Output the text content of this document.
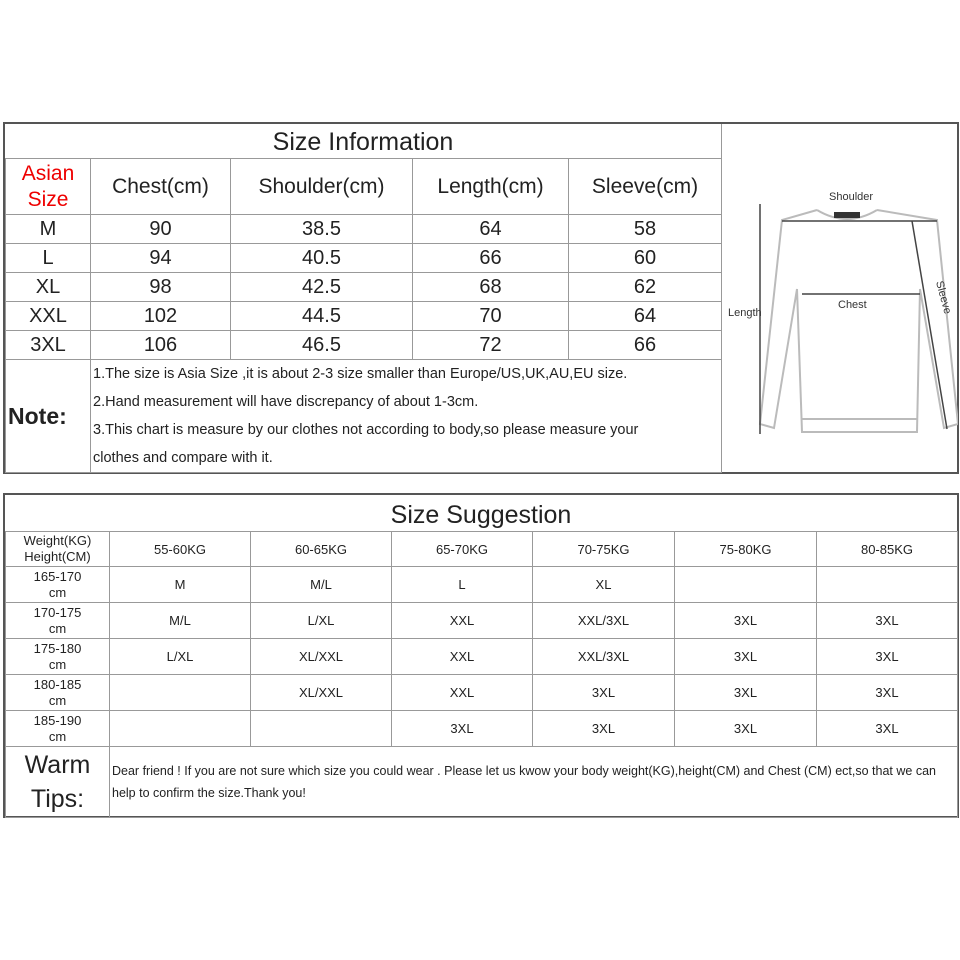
Size Information
Asian
Size	Chest(cm)	Shoulder(cm)	Length(cm)	Sleeve(cm)
M	90	38.5	64	58
L	94	40.5	66	60
XL	98	42.5	68	62
XXL	102	44.5	70	64
3XL	106	46.5	72	66
Note:	1.The size is Asia Size ,it is about 2-3 size smaller than Europe/US,UK,AU,EU size.
2.Hand measurement will have discrepancy of about 1-3cm.
3.This chart is measure by our clothes not according to body,so please measure your
clothes and compare with it.			
Shoulder
Chest
Length	Sleeve
Size Suggestion
Weight(KG)
Height(CM)	55-60KG	60-65KG	65-70KG	70-75KG	75-80KG	80-85KG

165-170
cm	M	M/L	L	XL		

170-175
cm	M/L	L/XL	XXL	XXL/3XL	3XL	3XL

175-180
cm	L/XL	XL/XXL	XXL	XXL/3XL	3XL	3XL

180-185
cm		XL/XXL	XXL	3XL	3XL	3XL

185-190
cm			3XL	3XL	3XL	3XL

Warm
Tips:	Dear friend ! If you are not sure which size you could wear . Please let us kwow your body weight(KG),height(CM) and Chest (CM) ect,so that we can help to confirm the size.Thank you!					
